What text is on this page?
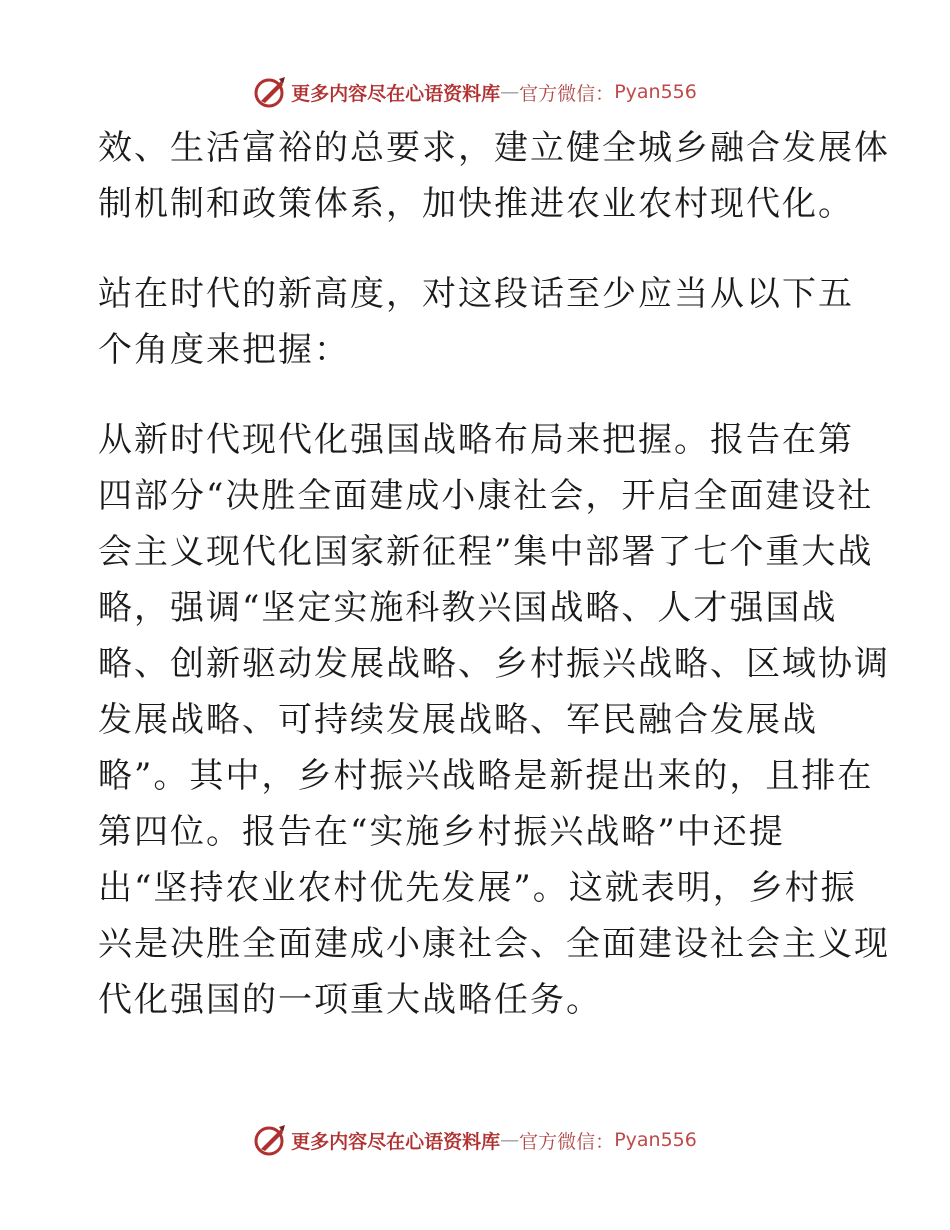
更多内容尽在心语资料库 — 官方微信： Pyan556
效、生活富裕的总要求，建立健全城乡融合发展体
制机制和政策体系，加快推进农业农村现代化。
站在时代的新高度，对这段话至少应当从以下五
个角度来把握：
从新时代现代化强国战略布局来把握。报告在第
四部分“决胜全面建成小康社会，开启全面建设社
会主义现代化国家新征程”集中部署了七个重大战
略，强调“坚定实施科教兴国战略、人才强国战
略、创新驱动发展战略、乡村振兴战略、区域协调
发展战略、可持续发展战略、军民融合发展战
略”。其中，乡村振兴战略是新提出来的，且排在
第四位。报告在“实施乡村振兴战略”中还提
出“坚持农业农村优先发展”。这就表明，乡村振
兴是决胜全面建成小康社会、全面建设社会主义现
代化强国的一项重大战略任务。
更多内容尽在心语资料库 — 官方微信： Pyan556
